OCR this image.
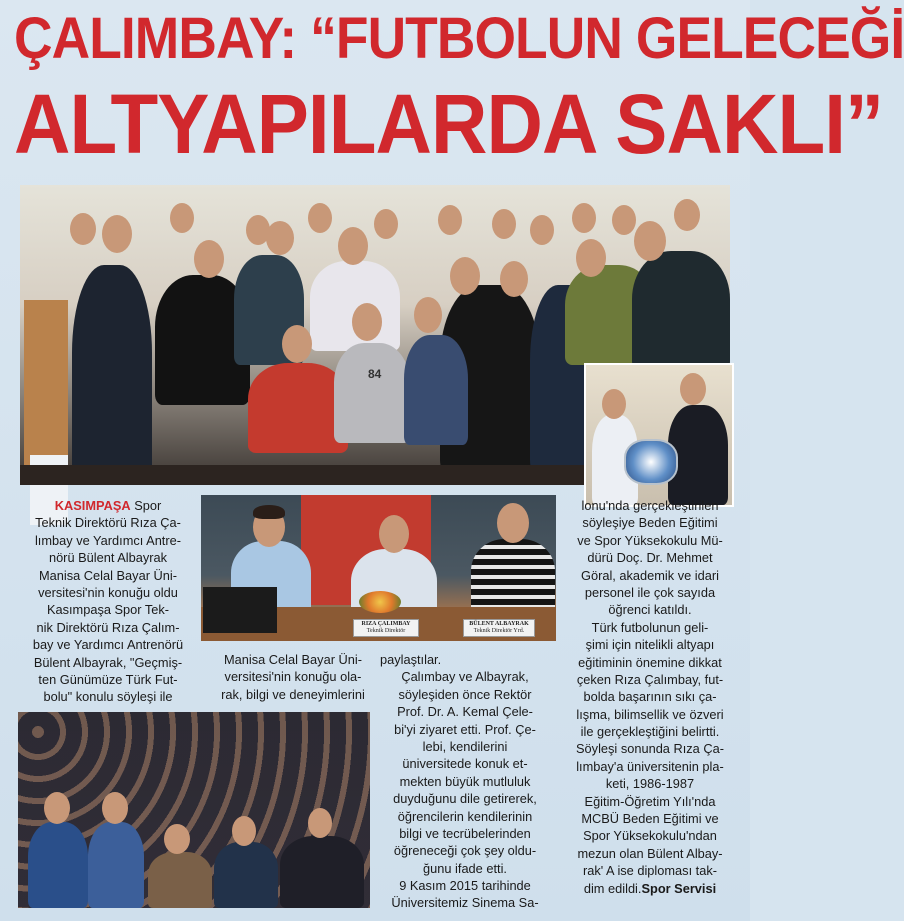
ÇALIMBAY: “FUTBOLUN GELECEĞİ
ALTYAPILARDA SAKLI”
84
RIZA ÇALIMBAY
Teknik Direktör
BÜLENT ALBAYRAK
Teknik Direktör Yrd.

KASIMPAŞA Spor

Teknik Direktörü Rıza Ça-

lımbay ve Yardımcı Antre-

nörü Bülent Albayrak

Manisa Celal Bayar Üni-

versitesi'nin konuğu oldu

Kasımpaşa Spor Tek-

nik Direktörü Rıza Çalım-

bay ve Yardımcı Antrenörü

Bülent Albayrak, "Geçmiş-

ten Günümüze Türk Fut-

bolu" konulu söyleşi ile

Manisa Celal Bayar Üni-

versitesi'nin konuğu ola-

rak, bilgi ve deneyimlerini

paylaştılar.

Çalımbay ve Albayrak,

söyleşiden önce Rektör

Prof. Dr. A. Kemal Çele-

bi'yi ziyaret etti. Prof. Çe-

lebi, kendilerini

üniversitede konuk et-

mekten büyük mutluluk

duyduğunu dile getirerek,

öğrencilerin kendilerinin

bilgi ve tecrübelerinden

öğreneceği çok şey oldu-

ğunu ifade etti.

9 Kasım 2015 tarihinde

Üniversitemiz Sinema Sa-

lonu'nda gerçekleştirilen

söyleşiye Beden Eğitimi

ve Spor Yüksekokulu Mü-

dürü Doç. Dr. Mehmet

Göral, akademik ve idari

personel ile çok sayıda

öğrenci katıldı.

Türk futbolunun geli-

şimi için nitelikli altyapı

eğitiminin önemine dikkat

çeken Rıza Çalımbay, fut-

bolda başarının sıkı ça-

lışma, bilimsellik ve özveri

ile gerçekleştiğini belirtti.

Söyleşi sonunda Rıza Ça-

lımbay'a üniversitenin pla-

keti, 1986-1987

Eğitim-Öğretim Yılı'nda

MCBÜ Beden Eğitimi ve

Spor Yüksekokulu'ndan

mezun olan Bülent Albay-

rak' A ise diploması tak-

dim edildi.Spor Servisi
